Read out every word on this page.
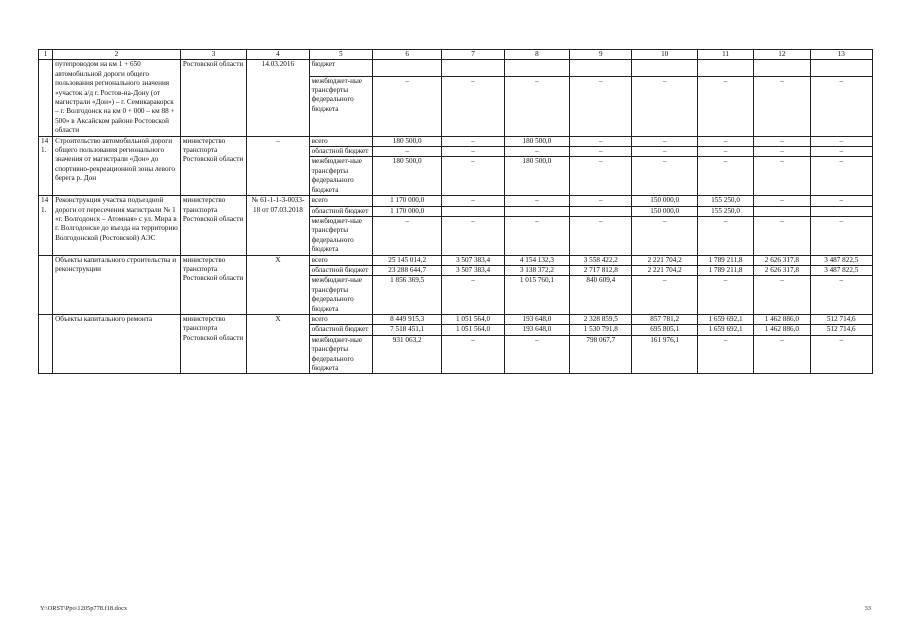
1	2	3	4	5	6	7	8	9	10	11	12	13
	путепроводом на км 1 + 650 автомобильной дороги общего пользования регионального значения «участок а/д г. Ростов-на-Дону (от магистрали «Дон») – г. Семикаракорск – г. Волгодонск на км 0 + 000 – км 88 + 500» в Аксайском районе Ростовской области	Ростовской области	14.03.2016	бюджет								
				межбюджет-ные трансферты федерального бюджета	–	–	–	–	–	–	–	–
141.	Строительство автомобильной дороги общего пользования регионального значения от магистрали «Дон» до спортивно-рекреационной зоны левого берега р. Дон	министерство транспорта Ростовской области	–	всего	180 500,0	–	180 500,0	–	–	–	–	–
				областной бюджет	–	–	–	–	–	–	–	–
				межбюджет-ные трансферты федерального бюджета	180 500,0	–	180 500,0	–	–	–	–	–
141.	Реконструкция участка подъездной дороги от пересечения магистрали № 1 «г. Волгодонск – Атомная» с ул. Мира в г. Волгодонске до въезда на территорию Волгодонской (Ростовской) АЭС	министерство транспорта Ростовской области	№ 61-1-1-3-0033-18 от 07.03.2018	всего	1 170 000,0	–	–	–	150 000,0	155 250,0	–	–
				областной бюджет	1 170 000,0				150 000,0	155 250,0		
				межбюджет-ные трансферты федерального бюджета	–	–	–	–	–	–	–	–
	Объекты капитального строительства и реконструкции	министерство транспорта Ростовской области	Х	всего	25 145 014,2	3 507 383,4	4 154 132,3	3 558 422,2	2 221 704,2	1 789 211,8	2 626 317,8	3 487 822,5
				областной бюджет	23 288 644,7	3 507 383,4	3 138 372,2	2 717 812,8	2 221 704,2	1 789 211,8	2 626 317,8	3 487 822,5
				межбюджет-ные трансферты федерального бюджета	1 856 369,5	–	1 015 760,1	840 609,4	–	–	–	–
	Объекты капитального ремонта	министерство транспорта Ростовской области	Х	всего	8 449 915,3	1 051 564,0	193 648,0	2 328 859,5	857 781,2	1 659 692,1	1 462 886,0	512 714,6
				областной бюджет	7 518 451,1	1 051 564,0	193 648,0	1 530 791,8	695 805,1	1 659 692,1	1 462 886,0	512 714,6
				межбюджет-ные трансферты федерального бюджета	931 063,2	–	–	798 067,7	161 976,1	–	–	–
Y:\ORST\Ppo\1205p778.f18.docx	33
